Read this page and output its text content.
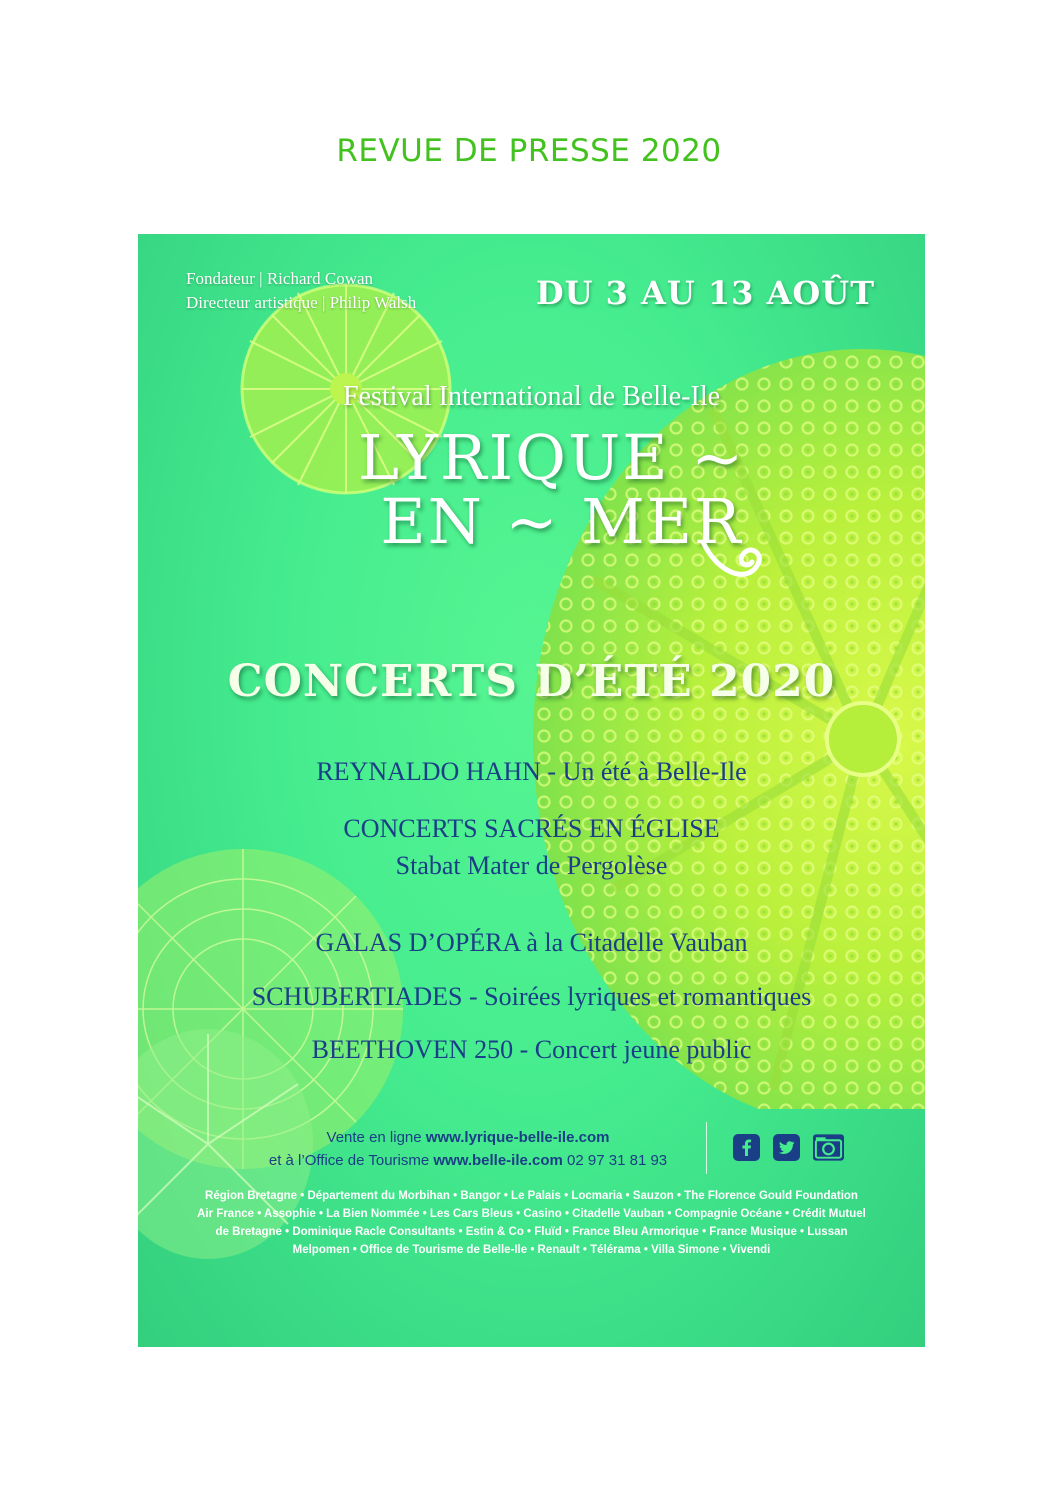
REVUE DE PRESSE 2020
Fondateur | Richard Cowan
Directeur artistique | Philip Walsh	DU 3 AU 13 AOÛT
Festival International de Belle-Ile
LYRIQUE ~
EN ~ MER
CONCERTS D’ÉTÉ 2020
REYNALDO HAHN - Un été à Belle-Ile
CONCERTS SACRÉS EN ÉGLISE
Stabat Mater de Pergolèse
GALAS D’OPÉRA à la Citadelle Vauban
SCHUBERTIADES - Soirées lyriques et romantiques
BEETHOVEN 250 - Concert jeune public
Vente en ligne www.lyrique-belle-ile.com
et à l’Office de Tourisme www.belle-ile.com 02 97 31 81 93
Région Bretagne • Département du Morbihan • Bangor • Le Palais • Locmaria • Sauzon • The Florence Gould Foundation
Air France • Assophie • La Bien Nommée • Les Cars Bleus • Casino • Citadelle Vauban • Compagnie Océane • Crédit Mutuel
de Bretagne • Dominique Racle Consultants • Estin & Co • Fluïd • France Bleu Armorique • France Musique • Lussan
Melpomen • Office de Tourisme de Belle-Ile • Renault • Télérama • Villa Simone • Vivendi
